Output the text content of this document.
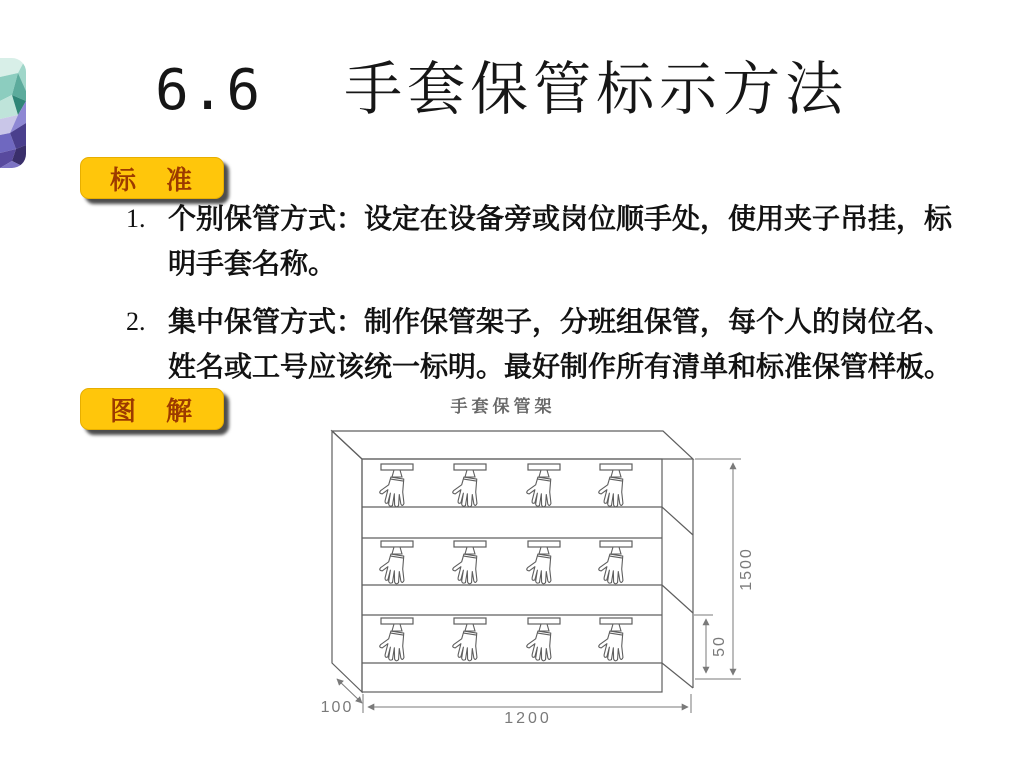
6.6 手套保管标示方法
标　准
1. 个别保管方式：设定在设备旁或岗位顺手处，使用夹子吊挂，标明手套名称。
2. 集中保管方式：制作保管架子，分班组保管，每个人的岗位名、姓名或工号应该统一标明。最好制作所有清单和标准保管样板。
图　解	手套保管架
1500
50
1200
100
